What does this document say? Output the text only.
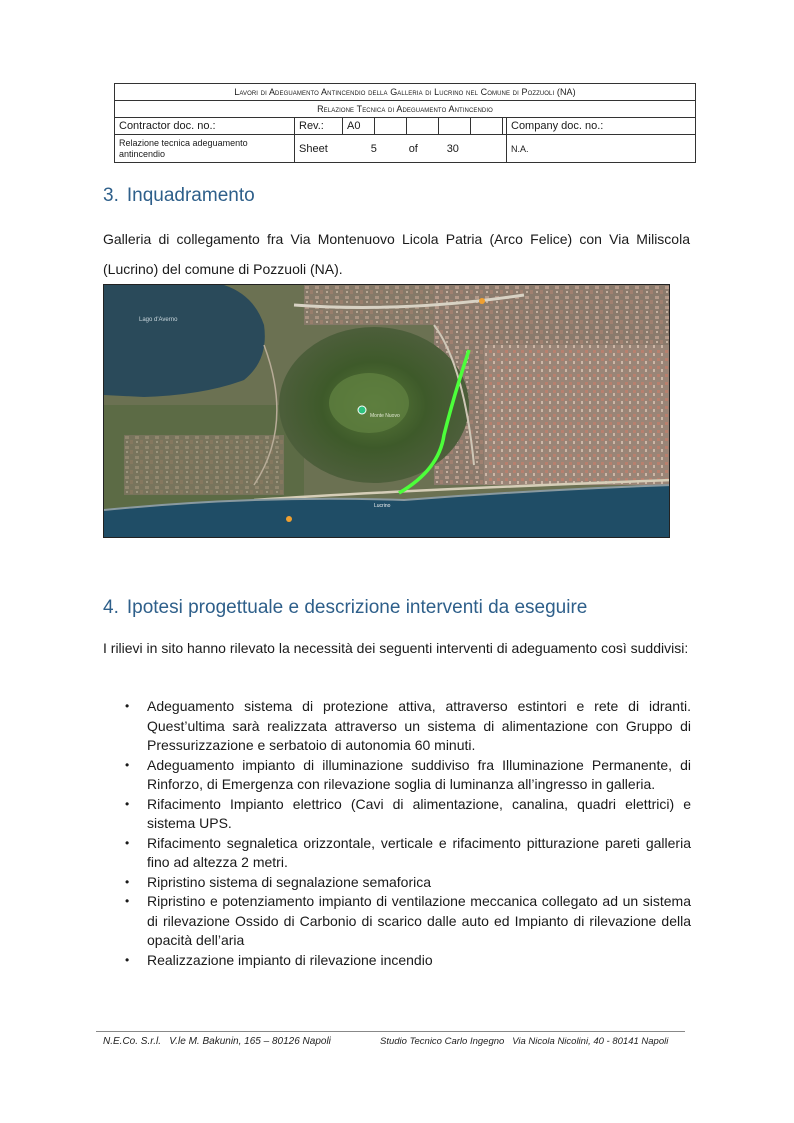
Lavori di Adeguamento Antincendio della Galleria di Lucrino nel Comune di Pozzuoli (NA)								
Relazione Tecnica di Adeguamento Antincendio								
Contractor doc. no.:	Rev.:	A0						Company doc. no.:
Relazione tecnica adeguamento antincendio	Sheet 5 of 30							N.A.
3. Inquadramento

Galleria di collegamento fra Via Montenuovo Licola Patria (Arco Felice) con Via Miliscola (Lucrino) del comune di Pozzuoli (NA).

Lago d'Averno
Monte Nuovo
Lucrino
4. Ipotesi progettuale e descrizione interventi da eseguire

I rilievi in sito hanno rilevato la necessità dei seguenti interventi di adeguamento così suddivisi:

• Adeguamento sistema di protezione attiva, attraverso estintori e rete di idranti. Quest’ultima sarà realizzata attraverso un sistema di alimentazione con Gruppo di Pressurizzazione e serbatoio di autonomia 60 minuti.
• Adeguamento impianto di illuminazione suddiviso fra Illuminazione Permanente, di Rinforzo, di Emergenza con rilevazione soglia di luminanza all’ingresso in galleria.
• Rifacimento Impianto elettrico (Cavi di alimentazione, canalina, quadri elettrici) e sistema UPS.
• Rifacimento segnaletica orizzontale, verticale e rifacimento pitturazione pareti galleria fino ad altezza 2 metri.
• Ripristino sistema di segnalazione semaforica
• Ripristino e potenziamento impianto di ventilazione meccanica collegato ad un sistema di rilevazione Ossido di Carbonio di scarico dalle auto ed Impianto di rilevazione della opacità dell’aria
• Realizzazione impianto di rilevazione incendio
N.E.Co. S.r.l.   V.le M. Bakunin, 165 – 80126 Napoli	Studio Tecnico Carlo Ingegno   Via Nicola Nicolini, 40 - 80141 Napoli
